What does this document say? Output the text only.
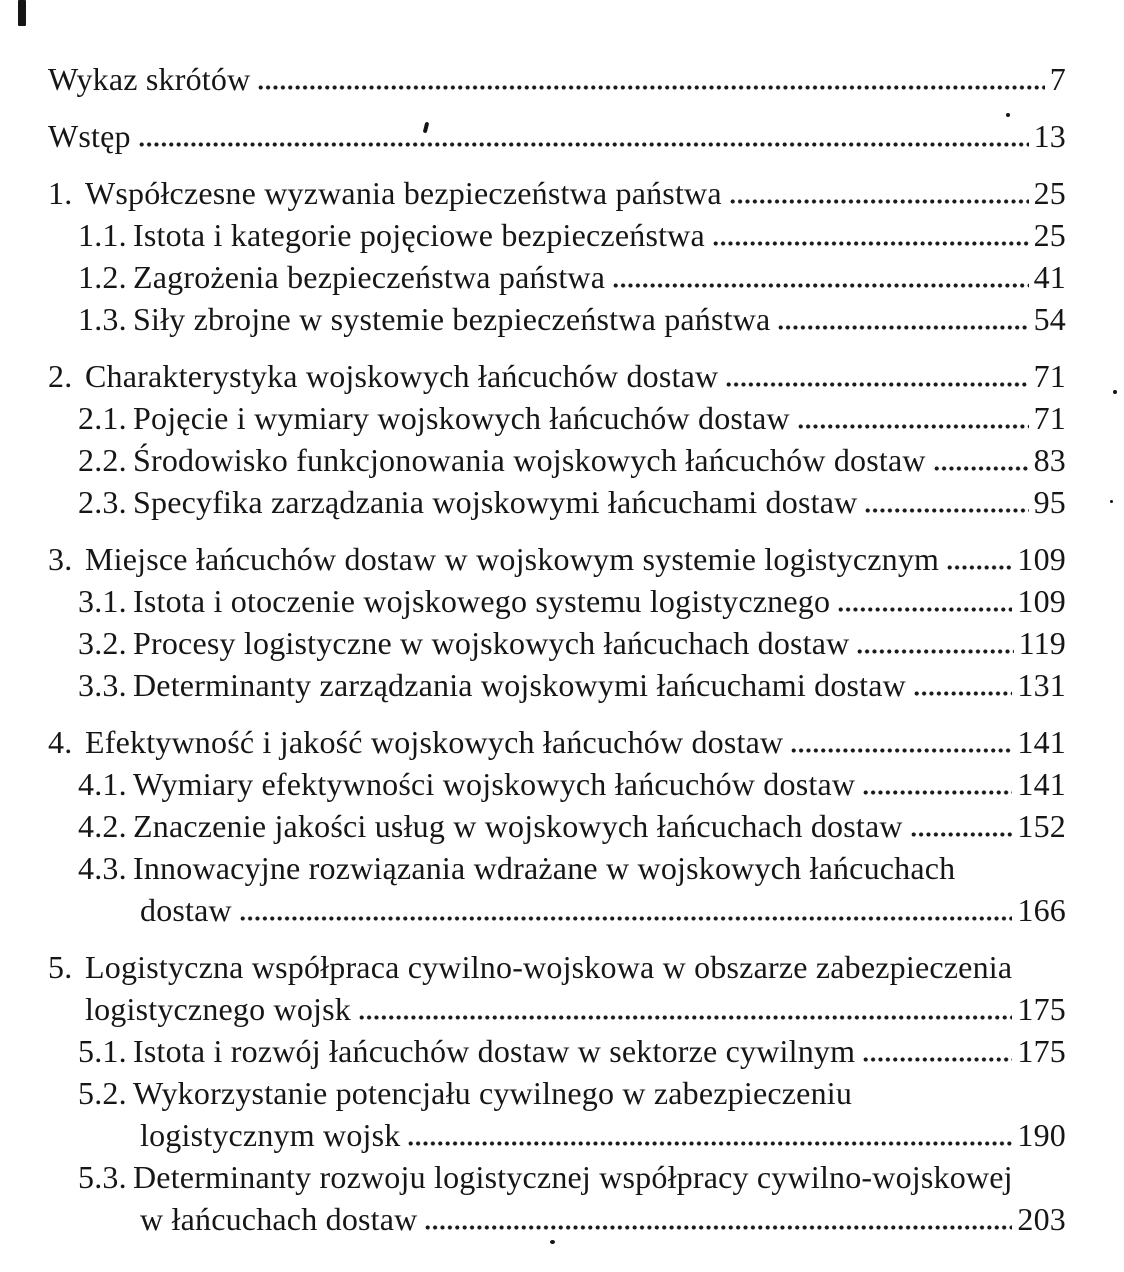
Wykaz skrótów	7
Wstęp	13
1. Współczesne wyzwania bezpieczeństwa państwa	25
1.1. Istota i kategorie pojęciowe bezpieczeństwa	25
1.2. Zagrożenia bezpieczeństwa państwa	41
1.3. Siły zbrojne w systemie bezpieczeństwa państwa	54
2. Charakterystyka wojskowych łańcuchów dostaw	71
2.1. Pojęcie i wymiary wojskowych łańcuchów dostaw	71
2.2. Środowisko funkcjonowania wojskowych łańcuchów dostaw	83
2.3. Specyfika zarządzania wojskowymi łańcuchami dostaw	95
3. Miejsce łańcuchów dostaw w wojskowym systemie logistycznym 109
3.1. Istota i otoczenie wojskowego systemu logistycznego	109
3.2. Procesy logistyczne w wojskowych łańcuchach dostaw	119
3.3. Determinanty zarządzania wojskowymi łańcuchami dostaw	131
4. Efektywność i jakość wojskowych łańcuchów dostaw	141
4.1. Wymiary efektywności wojskowych łańcuchów dostaw	141
4.2. Znaczenie jakości usług w wojskowych łańcuchach dostaw	152
4.3. Innowacyjne rozwiązania wdrażane w wojskowych łańcuchach
dostaw	166
5. Logistyczna współpraca cywilno-wojskowa w obszarze zabezpieczenia
logistycznego wojsk	175
5.1. Istota i rozwój łańcuchów dostaw w sektorze cywilnym	175
5.2. Wykorzystanie potencjału cywilnego w zabezpieczeniu
logistycznym wojsk	190
5.3. Determinanty rozwoju logistycznej współpracy cywilno-wojskowej
w łańcuchach dostaw	203
